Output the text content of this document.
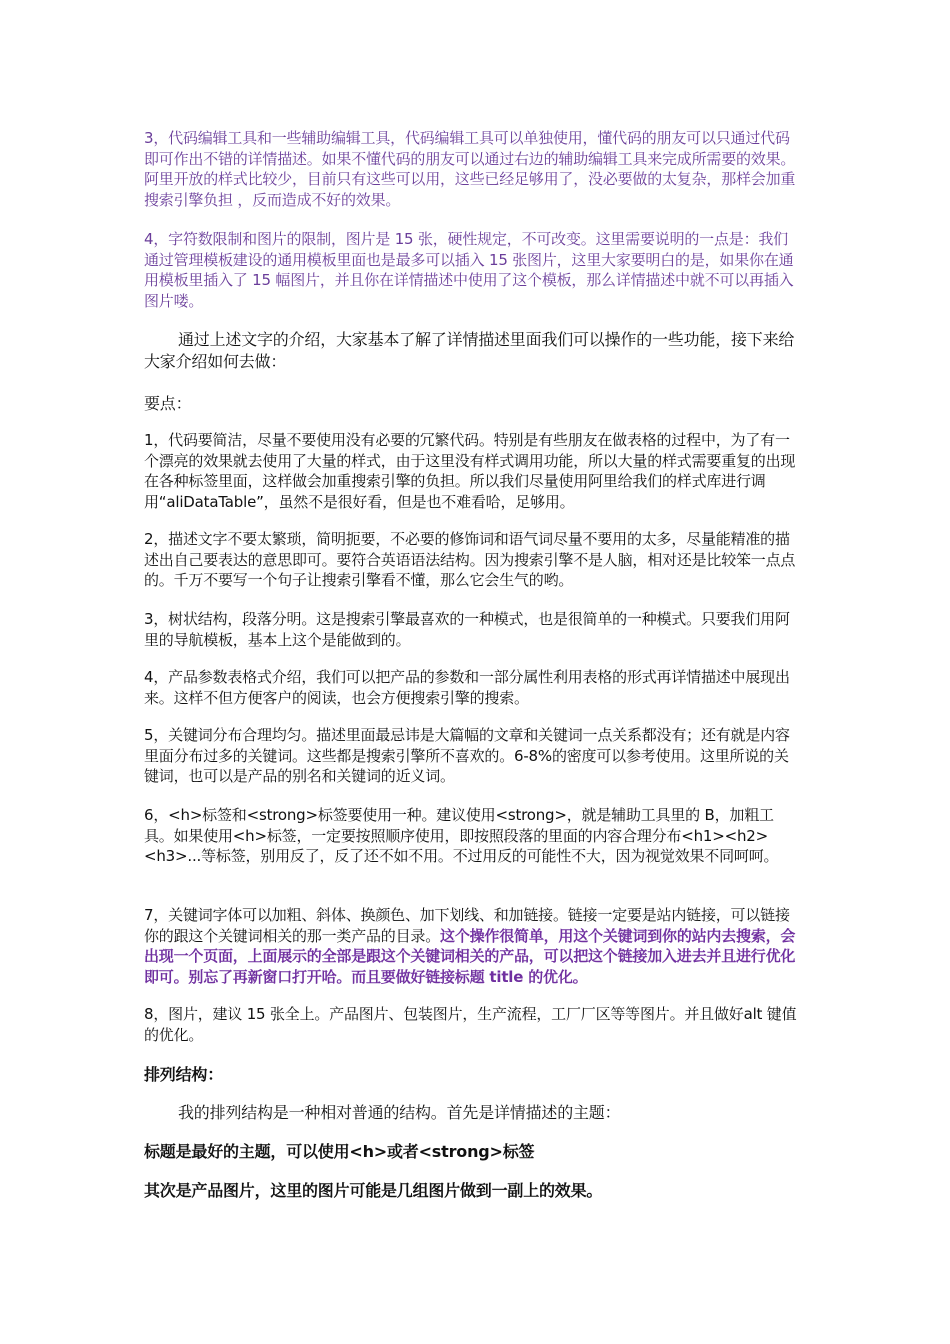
3，代码编辑工具和一些辅助编辑工具，代码编辑工具可以单独使用，懂代码的朋友可以只通过代码即可作出不错的详情描述。如果不懂代码的朋友可以通过右边的辅助编辑工具来完成所需要的效果。阿里开放的样式比较少，目前只有这些可以用，这些已经足够用了，没必要做的太复杂，那样会加重搜索引擎负担 ，反而造成不好的效果。

4，字符数限制和图片的限制，图片是 15 张，硬性规定，不可改变。这里需要说明的一点是：我们通过管理模板建设的通用模板里面也是最多可以插入 15 张图片，这里大家要明白的是，如果你在通用模板里插入了 15 幅图片，并且你在详情描述中使用了这个模板，那么详情描述中就不可以再插入图片喽。

通过上述文字的介绍，大家基本了解了详情描述里面我们可以操作的一些功能，接下来给大家介绍如何去做：

要点：

1，代码要简洁，尽量不要使用没有必要的冗繁代码。特别是有些朋友在做表格的过程中，为了有一个漂亮的效果就去使用了大量的样式，由于这里没有样式调用功能，所以大量的样式需要重复的出现在各种标签里面，这样做会加重搜索引擎的负担。所以我们尽量使用阿里给我们的样式库进行调用“aliDataTable”，虽然不是很好看，但是也不难看哈，足够用。

2，描述文字不要太繁琐，简明扼要，不必要的修饰词和语气词尽量不要用的太多，尽量能精准的描述出自己要表达的意思即可。要符合英语语法结构。因为搜索引擎不是人脑，相对还是比较笨一点点的。千万不要写一个句子让搜索引擎看不懂，那么它会生气的哟。

3，树状结构，段落分明。这是搜索引擎最喜欢的一种模式，也是很简单的一种模式。只要我们用阿里的导航模板，基本上这个是能做到的。

4，产品参数表格式介绍，我们可以把产品的参数和一部分属性利用表格的形式再详情描述中展现出来。这样不但方便客户的阅读，也会方便搜索引擎的搜索。

5，关键词分布合理均匀。描述里面最忌讳是大篇幅的文章和关键词一点关系都没有；还有就是内容里面分布过多的关键词。这些都是搜索引擎所不喜欢的。6-8%的密度可以参考使用。这里所说的关键词，也可以是产品的别名和关键词的近义词。

6，<h>标签和<strong>标签要使用一种。建议使用<strong>，就是辅助工具里的 B，加粗工具。如果使用<h>标签，一定要按照顺序使用，即按照段落的里面的内容合理分布<h1><h2><h3>...等标签，别用反了，反了还不如不用。不过用反的可能性不大，因为视觉效果不同呵呵。

7，关键词字体可以加粗、斜体、换颜色、加下划线、和加链接。链接一定要是站内链接，可以链接你的跟这个关键词相关的那一类产品的目录。这个操作很简单，用这个关键词到你的站内去搜索，会出现一个页面，上面展示的全部是跟这个关键词相关的产品，可以把这个链接加入进去并且进行优化即可。别忘了再新窗口打开哈。而且要做好链接标题 title 的优化。

8，图片，建议 15 张全上。产品图片、包装图片，生产流程，工厂厂区等等图片。并且做好alt 键值的优化。

排列结构：

我的排列结构是一种相对普通的结构。首先是详情描述的主题：

标题是最好的主题，可以使用<h>或者<strong>标签

其次是产品图片，这里的图片可能是几组图片做到一副上的效果。
